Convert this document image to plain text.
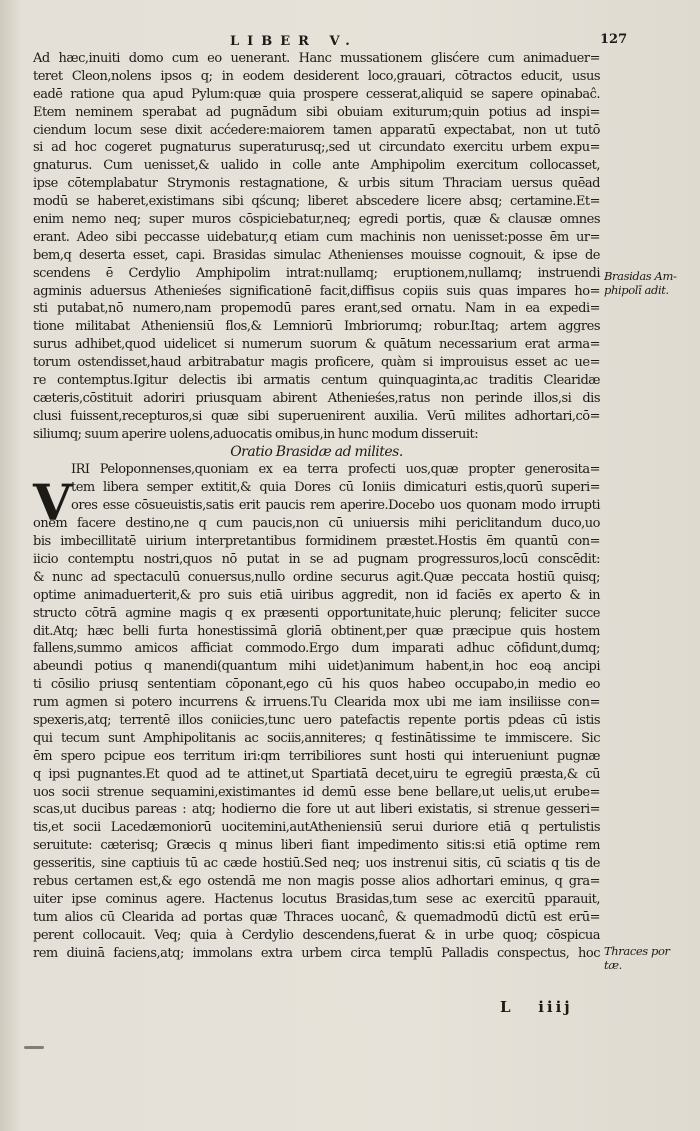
LIBER V.	127
Ad hæc,inuiti domo cum eo uenerant. Hanc mussationem glisćere cum animaduer=
teret Cleon,nolens ipsos q; in eodem desiderent loco,grauari, cōtractos educit, usus
eadē ratione qua apud Pylum:quæ quia prospere cesserat,aliquid se sapere opinabaĉ.
Etem neminem sperabat ad pugnādum sibi obuiam exiturum;quin potius ad inspi=
ciendum locum sese dixit acćedere:maiorem tamen apparatū expectabat, non ut tutō
si ad hoc cogeret pugnaturus superaturusq;,sed ut circundato exercitu urbem expu=
gnaturus. Cum uenisset,& ualido in colle ante Amphipolim exercitum collocasset,
ipse cōtemplabatur Strymonis restagnatione, & urbis situm Thraciam uersus quēad
modū se haberet,existimans sibi qścunq; liberet abscedere licere absq; certamine.Et=
enim nemo neq; super muros cōspiciebatur,neq; egredi portis, quæ & clausæ omnes
erant. Adeo sibi peccasse uidebatur,q etiam cum machinis non uenisset:posse ēm ur=
bem,q deserta esset, capi. Brasidas simulac Athenienses mouisse cognouit, & ipse de
scendens ē Cerdylio Amphipolim intrat:nullamq; eruptionem,nullamq; instruendi
agminis aduersus Athenieśes significationē facit,diffisus copiis suis quas impares ho=
sti putabat,nō numero,nam propemodū pares erant,sed ornatu. Nam in ea expedi=
tione militabat Atheniensiū flos,& Lemniorū Imbriorumq; robur.Itaq; artem aggres
surus adhibet,quod uidelicet si numerum suorum & quātum necessarium erat arma=
torum ostendisset,haud arbitrabatur magis proficere, quàm si improuisus esset ac ue=
re contemptus.Igitur delectis ibi armatis centum quinquaginta,ac traditis Clearidæ
cæteris,cōstituit adoriri priusquam abirent Athenieśes,ratus non perinde illos,si dis
clusi fuissent,recepturos,si quæ sibi superuenirent auxilia. Verū milites adhortari,cō=
siliumq; suum aperire uolens,aduocatis omibus,in hunc modum disseruit:
Oratio Brasidæ ad milites.
IRI Peloponnenses,quoniam ex ea terra profecti uos,quæ propter generosita=
tem libera semper extitit,& quia Dores cū Ioniis dimicaturi estis,quorū superi=
ores esse cōsueuistis,satis erit paucis rem aperire.Docebo uos quonam modo irrupti
onem facere destino,ne q cum paucis,non cū uniuersis mihi periclitandum duco,uo
bis imbecillitatē uirium interpretantibus formidinem præstet.Hostis ēm quantū con=
iicio contemptu nostri,quos nō putat in se ad pugnam progressuros,locū conscēdit:
& nunc ad spectaculū conuersus,nullo ordine securus agit.Quæ peccata hostiū quisq;
optime animaduerterit,& pro suis etiā uiribus aggredit, non id faciēs ex aperto & in
structo cōtrā agmine magis q ex præsenti opportunitate,huic plerunq; feliciter succe
dit.Atq; hæc belli furta honestissimā gloriā obtinent,per quæ præcipue quis hostem
fallens,summo amicos afficiat commodo.Ergo dum imparati adhuc cōfidunt,dumq;
abeundi potius q manendi(quantum mihi uidet)animum habent,in hoc eoą ancipi
ti cōsilio priusq sententiam cōponant,ego cū his quos habeo occupabo,in medio eo
rum agmen si potero incurrens & irruens.Tu Clearida mox ubi me iam insiliisse con=
spexeris,atq; terrentē illos coniicies,tunc uero patefactis repente portis pdeas cū istis
qui tecum sunt Amphipolitanis ac sociis,anniteres; q festinātissime te immiscere. Sic
ēm spero pcipue eos territum iri:qm terribiliores sunt hosti qui interueniunt pugnæ
q ipsi pugnantes.Et quod ad te attinet,ut Spartiatā decet,uiru te egregiū præsta,& cū
uos socii strenue sequamini,existimantes id demū esse bene bellare,ut uelis,ut erube=
scas,ut ducibus pareas : atq; hodierno die fore ut aut liberi existatis, si strenue gesseri=
tis,et socii Lacedæmoniorū uocitemini,autAtheniensiū serui duriore etiā q pertulistis
seruitute: cæterisq; Græcis q minus liberi fiant impedimento sitis:si etiā optime rem
gesseritis, sine captiuis tū ac cæde hostiū.Sed neq; uos instrenui sitis, cū sciatis q tis de
rebus certamen est,& ego ostendā me non magis posse alios adhortari eminus, q gra=
uiter ipse cominus agere. Hactenus locutus Brasidas,tum sese ac exercitū pparauit,
tum alios cū Clearida ad portas quæ Thraces uocanĉ, & quemadmodū dictū est erū=
perent collocauit. Veq; quia à Cerdylio descendens,fuerat & in urbe quoq; cōspicua
rem diuinā faciens,atq; immolans extra urbem circa templū Palladis conspectus, hoc
V
Brasidas Am-
phipolī adit.
Thraces por
tæ.
L   iiij
